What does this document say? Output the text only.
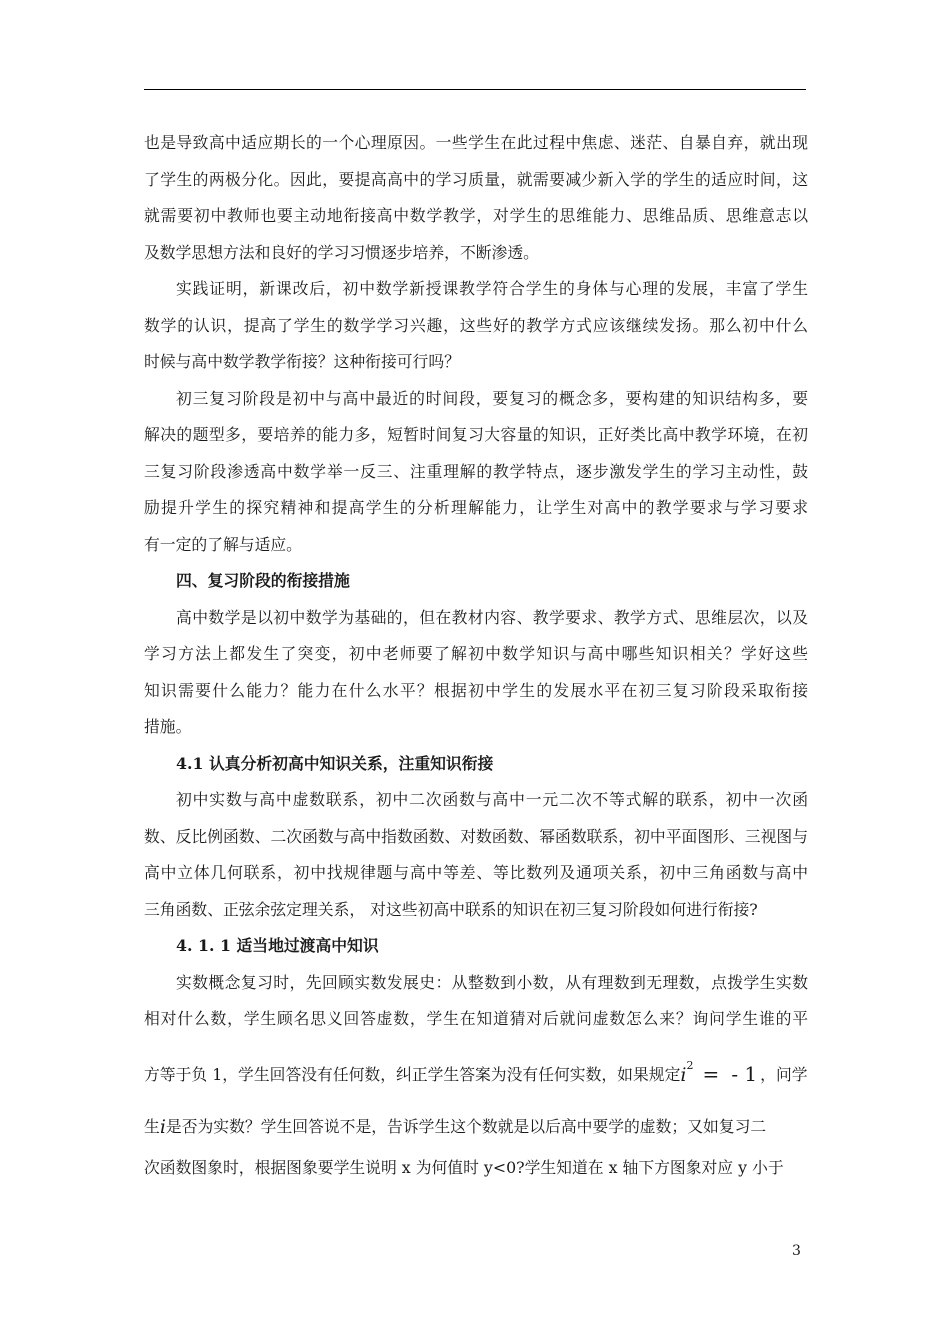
也是导致高中适应期长的一个心理原因。一些学生在此过程中焦虑、迷茫、自暴自弃，就出现
了学生的两极分化。因此，要提高高中的学习质量，就需要减少新入学的学生的适应时间，这
就需要初中教师也要主动地衔接高中数学教学，对学生的思维能力、思维品质、思维意志以
及数学思想方法和良好的学习习惯逐步培养，不断渗透。
实践证明，新课改后，初中数学新授课教学符合学生的身体与心理的发展，丰富了学生
数学的认识，提高了学生的数学学习兴趣，这些好的教学方式应该继续发扬。那么初中什么
时候与高中数学教学衔接？这种衔接可行吗？
初三复习阶段是初中与高中最近的时间段，要复习的概念多，要构建的知识结构多，要
解决的题型多，要培养的能力多，短暂时间复习大容量的知识，正好类比高中教学环境，在初
三复习阶段渗透高中数学举一反三、注重理解的教学特点，逐步激发学生的学习主动性，鼓
励提升学生的探究精神和提高学生的分析理解能力，让学生对高中的教学要求与学习要求
有一定的了解与适应。
四、复习阶段的衔接措施
高中数学是以初中数学为基础的，但在教材内容、教学要求、教学方式、思维层次，以及
学习方法上都发生了突变，初中老师要了解初中数学知识与高中哪些知识相关？学好这些
知识需要什么能力？能力在什么水平？根据初中学生的发展水平在初三复习阶段采取衔接
措施。
4.1 认真分析初高中知识关系，注重知识衔接
初中实数与高中虚数联系，初中二次函数与高中一元二次不等式解的联系，初中一次函
数、反比例函数、二次函数与高中指数函数、对数函数、幂函数联系，初中平面图形、三视图与
高中立体几何联系，初中找规律题与高中等差、等比数列及通项关系，初中三角函数与高中
三角函数、正弦余弦定理关系， 对这些初高中联系的知识在初三复习阶段如何进行衔接?
4. 1. 1 适当地过渡高中知识
实数概念复习时，先回顾实数发展史：从整数到小数，从有理数到无理数，点拨学生实数
相对什么数，学生顾名思义回答虚数，学生在知道猜对后就问虚数怎么来？询问学生谁的平
方等于负 1，学生回答没有任何数，纠正学生答案为没有任何实数，如果规定 $i^2$ = - 1 ，问学
生 i 是否为实数？学生回答说不是，告诉学生这个数就是以后高中要学的虚数；又如复习二
次函数图象时，根据图象要学生说明 x 为何值时 y<0?学生知道在 x 轴下方图象对应 y 小于
3
